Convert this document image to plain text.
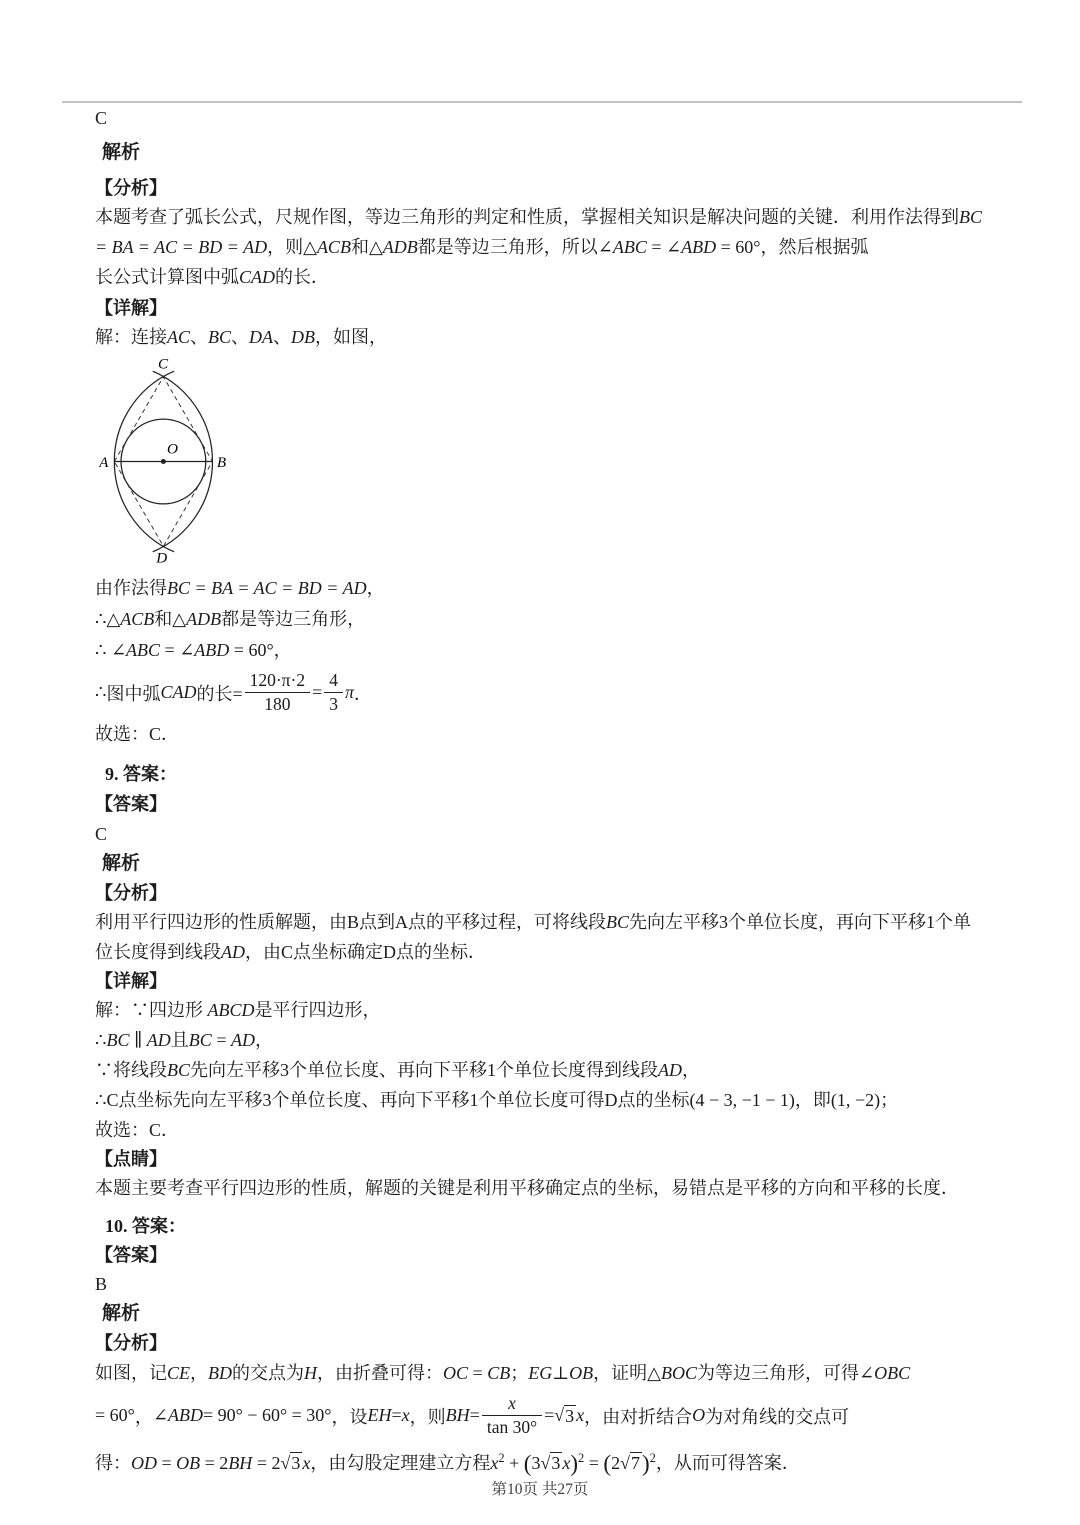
C
解析
【分析】
本题考查了弧长公式，尺规作图，等边三角形的判定和性质，掌握相关知识是解决问题的关键．利用作法得到BC
= BA = AC = BD = AD，则△ACB和△ADB都是等边三角形，所以∠ABC = ∠ABD = 60°，然后根据弧
长公式计算图中弧CAD的长．
【详解】
解：连接AC、BC、DA、DB，如图，
C
A	B
O
D
由作法得BC = BA = AC = BD = AD，
∴△ACB和△ADB都是等边三角形，
∴ ∠ABC = ∠ABD = 60°，
∴ 图中弧 CAD 的长= $\frac{120\cdot\pi\cdot 2}{180} = \frac{4}{3}$ π ．
故选：C．
9. 答案：
【答案】
C
解析
【分析】
利用平行四边形的性质解题，由B点到A点的平移过程，可将线段BC先向左平移3个单位长度，再向下平移1个单
位长度得到线段AD，由C点坐标确定D点的坐标．
【详解】
解：∵四边形 ABCD是平行四边形，
∴BC ∥ AD且BC = AD，
∵将线段BC先向左平移3个单位长度、再向下平移1个单位长度得到线段AD，
∴C点坐标先向左平移3个单位长度、再向下平移1个单位长度可得D点的坐标(4 − 3, −1 − 1)，即(1, −2)；
故选：C．
【点睛】
本题主要考查平行四边形的性质，解题的关键是利用平移确定点的坐标，易错点是平移的方向和平移的长度．
10. 答案：
【答案】
B
解析
【分析】
如图，记CE，BD的交点为H，由折叠可得：OC = CB；EG⊥OB，证明△BOC为等边三角形，可得∠OBC
= 60° ， ∠ ABD = 90° − 60° = 30° ，设 EH = x ，则 BH = $\frac{x}{\tan 30^\circ}$ = √ 3 x ，由对折结合 O 为对角线的交点可
得：OD = OB = 2BH = 2√3 x，由勾股定理建立方程$x^2 + (3√3$ $x)^2 = (2√7)^2$，从而可得答案．
第10页 共27页
